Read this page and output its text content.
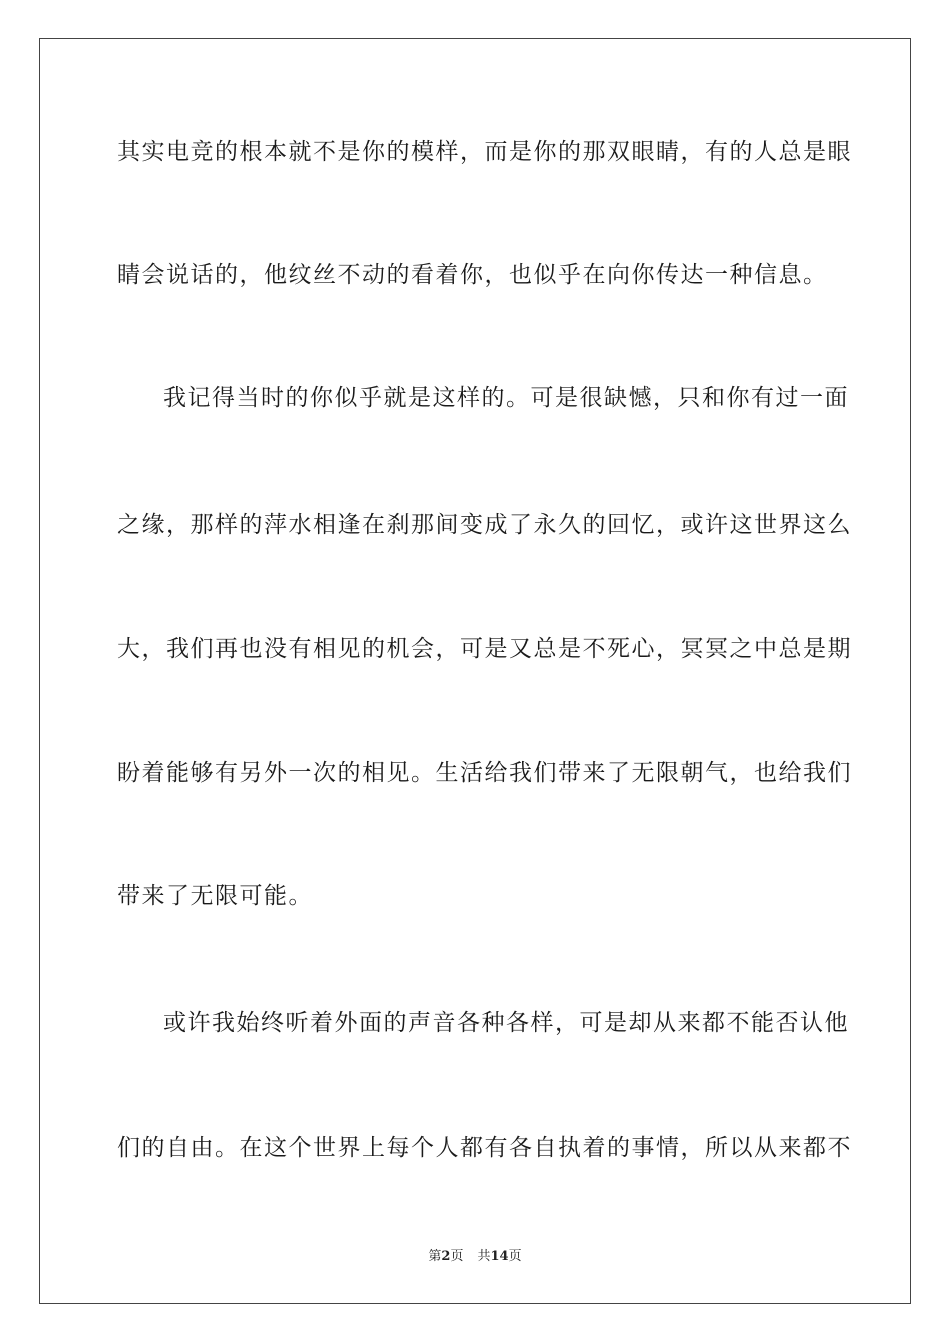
其实电竞的根本就不是你的模样，而是你的那双眼睛，有的人总是眼
睛会说话的，他纹丝不动的看着你，也似乎在向你传达一种信息。
我记得当时的你似乎就是这样的。可是很缺憾，只和你有过一面
之缘，那样的萍水相逢在刹那间变成了永久的回忆，或许这世界这么
大，我们再也没有相见的机会，可是又总是不死心，冥冥之中总是期
盼着能够有另外一次的相见。生活给我们带来了无限朝气，也给我们
带来了无限可能。
或许我始终听着外面的声音各种各样，可是却从来都不能否认他
们的自由。在这个世界上每个人都有各自执着的事情，所以从来都不
第2页 共14页
